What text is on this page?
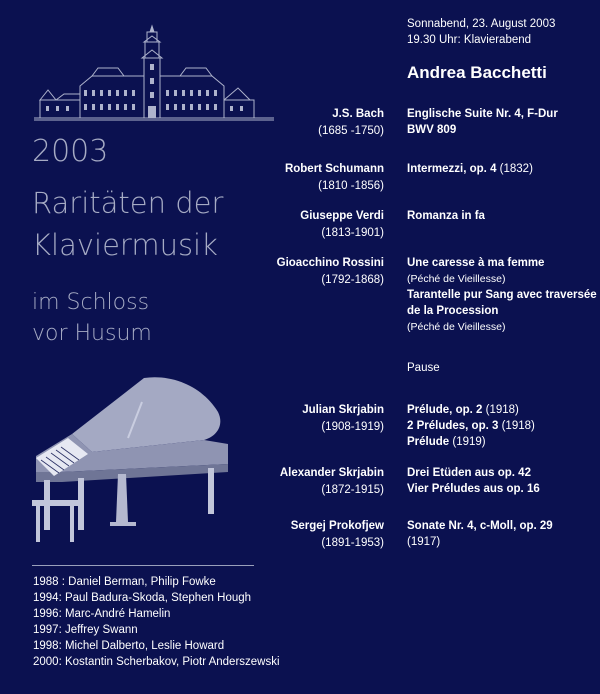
2003
Raritäten der
Klaviermusik
im Schloss
vor Husum
1988 : Daniel Berman, Philip Fowke
1994: Paul Badura-Skoda, Stephen Hough
1996: Marc-André Hamelin
1997: Jeffrey Swann
1998: Michel Dalberto, Leslie Howard
2000: Kostantin Scherbakov, Piotr Anderszewski
Sonnabend, 23. August 2003
19.30 Uhr: Klavierabend
Andrea Bacchetti
J.S. Bach
(1685 -1750)
Englische Suite Nr. 4, F-Dur
BWV 809
Robert Schumann
(1810 -1856)
Intermezzi, op. 4 (1832)
Giuseppe Verdi
(1813-1901)
Romanza in fa
Gioacchino Rossini
(1792-1868)
Une caresse à ma femme
(Péché de Vieillesse)
Tarantelle pur Sang avec traversée
de la Procession
(Péché de Vieillesse)
Pause
Julian Skrjabin
(1908-1919)
Prélude, op. 2 (1918)
2 Préludes, op. 3 (1918)
Prélude (1919)
Alexander Skrjabin
(1872-1915)
Drei Etüden aus op. 42
Vier Préludes aus op. 16
Sergej Prokofjew
(1891-1953)
Sonate Nr. 4, c-Moll, op. 29
(1917)
